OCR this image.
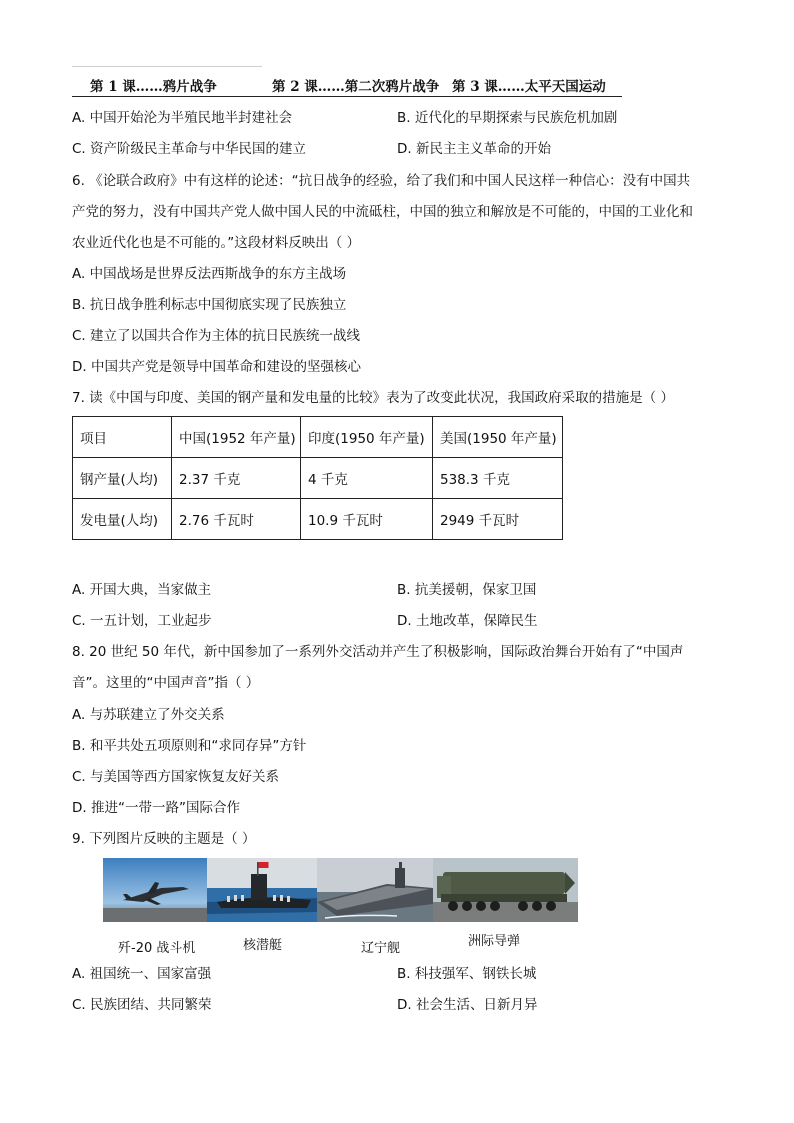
第 1 课……鸦片战争	第 2 课……第二次鸦片战争 第 3 课……太平天国运动
A. 中国开始沦为半殖民地半封建社会	B. 近代化的早期探索与民族危机加剧
C. 资产阶级民主革命与中华民国的建立	D. 新民主主义革命的开始
6. 《论联合政府》中有这样的论述：“抗日战争的经验，给了我们和中国人民这样一种信心：没有中国共
产党的努力，没有中国共产党人做中国人民的中流砥柱，中国的独立和解放是不可能的，中国的工业化和
农业近代化也是不可能的。”这段材料反映出（ ）
A. 中国战场是世界反法西斯战争的东方主战场
B. 抗日战争胜利标志中国彻底实现了民族独立
C. 建立了以国共合作为主体的抗日民族统一战线
D. 中国共产党是领导中国革命和建设的坚强核心
7. 读《中国与印度、美国的钢产量和发电量的比较》表为了改变此状况，我国政府采取的措施是（ ）
项目	中国(1952 年产量)	印度(1950 年产量)	美国(1950 年产量)
钢产量(人均)	2.37 千克	4 千克	538.3 千克
发电量(人均)	2.76 千瓦时	10.9 千瓦时	2949 千瓦时
A. 开国大典，当家做主	B. 抗美援朝，保家卫国
C. 一五计划，工业起步	D. 土地改革，保障民生
8. 20 世纪 50 年代，新中国参加了一系列外交活动并产生了积极影响，国际政治舞台开始有了“中国声
音”。这里的“中国声音”指（ ）
A. 与苏联建立了外交关系
B. 和平共处五项原则和“求同存异”方针
C. 与美国等西方国家恢复友好关系
D. 推进“一带一路”国际合作
9. 下列图片反映的主题是（ ）
歼-20 战斗机	核潜艇	辽宁舰	洲际导弹
A. 祖国统一、国家富强	B. 科技强军、钢铁长城
C. 民族团结、共同繁荣	D. 社会生活、日新月异
